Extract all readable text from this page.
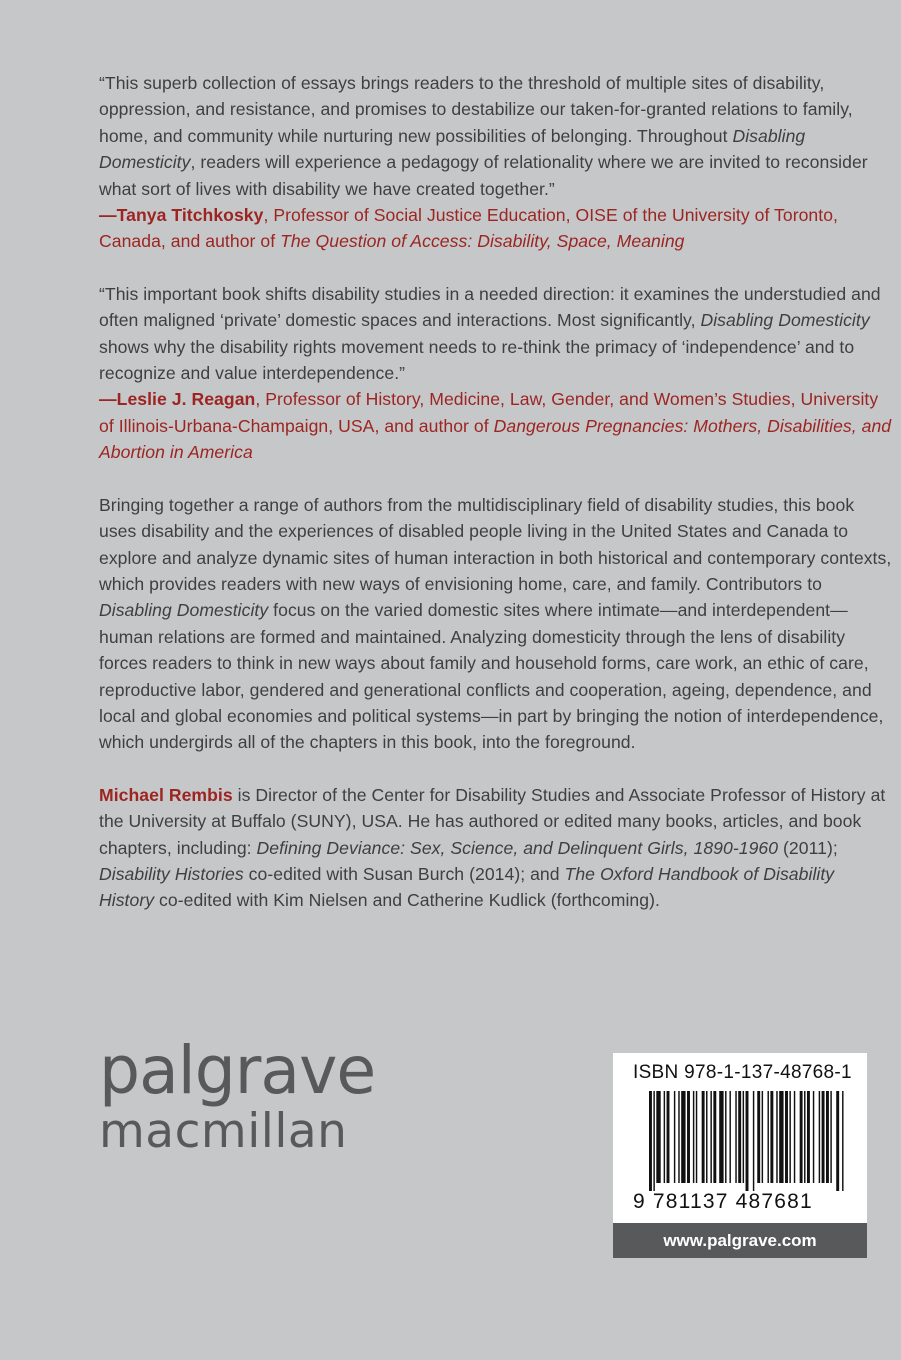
“This superb collection of essays brings readers to the threshold of multiple sites of disability, oppression, and resistance, and promises to destabilize our taken-for-granted relations to family, home, and community while nurturing new possibilities of belonging. Throughout Disabling Domesticity, readers will experience a pedagogy of relationality where we are invited to reconsider what sort of lives with disability we have created together.”
—Tanya Titchkosky, Professor of Social Justice Education, OISE of the University of Toronto, Canada, and author of The Question of Access: Disability, Space, Meaning

“This important book shifts disability studies in a needed direction: it examines the understudied and often maligned ‘private’ domestic spaces and interactions. Most significantly, Disabling Domesticity shows why the disability rights movement needs to re-think the primacy of ‘independence’ and to recognize and value interdependence.”
—Leslie J. Reagan, Professor of History, Medicine, Law, Gender, and Women’s Studies, University of Illinois-Urbana-Champaign, USA, and author of Dangerous Pregnancies: Mothers, Disabilities, and Abortion in America

Bringing together a range of authors from the multidisciplinary field of disability studies, this book uses disability and the experiences of disabled people living in the United States and Canada to explore and analyze dynamic sites of human interaction in both historical and contemporary contexts, which provides readers with new ways of envisioning home, care, and family. Contributors to Disabling Domesticity focus on the varied domestic sites where intimate—and interdependent—human relations are formed and maintained. Analyzing domesticity through the lens of disability forces readers to think in new ways about family and household forms, care work, an ethic of care, reproductive labor, gendered and generational conflicts and cooperation, ageing, dependence, and local and global economies and political systems—in part by bringing the notion of interdependence, which undergirds all of the chapters in this book, into the foreground.

Michael Rembis is Director of the Center for Disability Studies and Associate Professor of History at the University at Buffalo (SUNY), USA. He has authored or edited many books, articles, and book chapters, including: Defining Deviance: Sex, Science, and Delinquent Girls, 1890-1960 (2011); Disability Histories co-edited with Susan Burch (2014); and The Oxford Handbook of Disability History co-edited with Kim Nielsen and Catherine Kudlick (forthcoming).

palgrave
macmillan
ISBN 978-1-137-48768-1
9 781137 487681
www.palgrave.com
